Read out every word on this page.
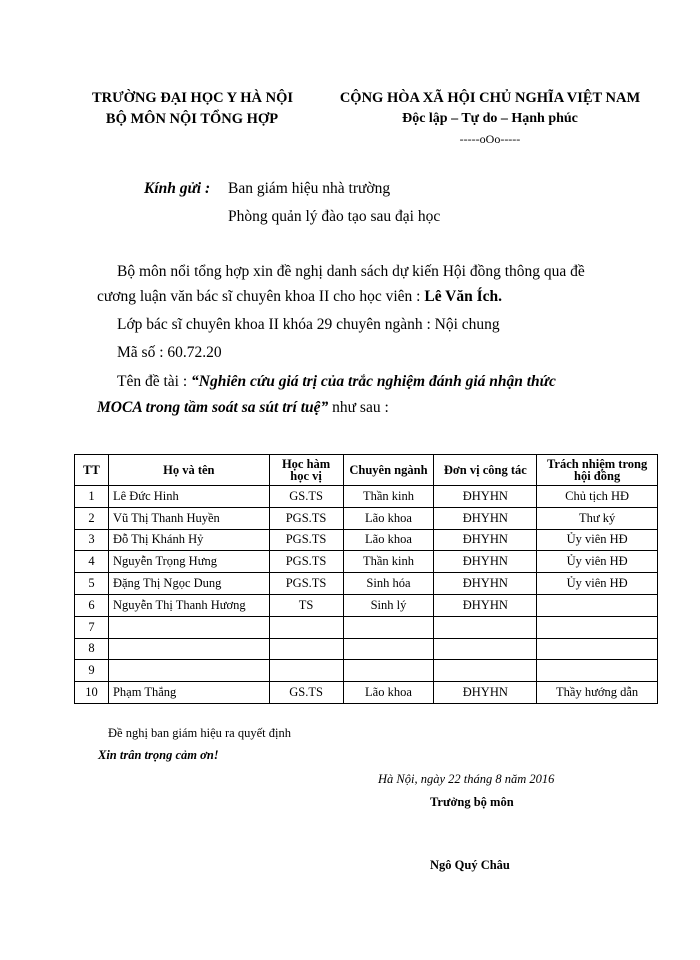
TRƯỜNG ĐẠI HỌC Y HÀ NỘI
BỘ MÔN NỘI TỔNG HỢP
CỘNG HÒA XÃ HỘI CHỦ NGHĨA VIỆT NAM
Độc lập – Tự do – Hạnh phúc
-----oOo-----
Kính gửi : Ban giám hiệu nhà trường
Phòng quản lý đào tạo sau đại học
Bộ môn nổi tổng hợp xin đề nghị danh sách dự kiến Hội đồng thông qua đề
cương luận văn bác sĩ chuyên khoa II cho học viên : Lê Văn Ích.
Lớp bác sĩ chuyên khoa II khóa 29 chuyên ngành : Nội chung
Mã số : 60.72.20
Tên đề tài : “Nghiên cứu giá trị của trắc nghiệm đánh giá nhận thức
MOCA trong tầm soát sa sút trí tuệ” như sau :
TT	Họ và tên	Học hàm học vị	Chuyên ngành	Đơn vị công tác	Trách nhiệm trong hội đồng
1	Lê Đức Hinh	GS.TS	Thần kinh	ĐHYHN	Chủ tịch HĐ
2	Vũ Thị Thanh Huyền	PGS.TS	Lão khoa	ĐHYHN	Thư ký
3	Đỗ Thị Khánh Hỷ	PGS.TS	Lão khoa	ĐHYHN	Ủy viên HĐ
4	Nguyễn Trọng Hưng	PGS.TS	Thần kinh	ĐHYHN	Ủy viên HĐ
5	Đặng Thị Ngọc Dung	PGS.TS	Sinh hóa	ĐHYHN	Ủy viên HĐ
6	Nguyễn Thị Thanh Hương	TS	Sinh lý	ĐHYHN	
7					
8					
9					
10	Phạm Thắng	GS.TS	Lão khoa	ĐHYHN	Thầy hướng dẫn
Đề nghị ban giám hiệu ra quyết định
Xin trân trọng cảm ơn!
Hà Nội, ngày 22 tháng 8 năm 2016
Trưởng bộ môn
Ngô Quý Châu
